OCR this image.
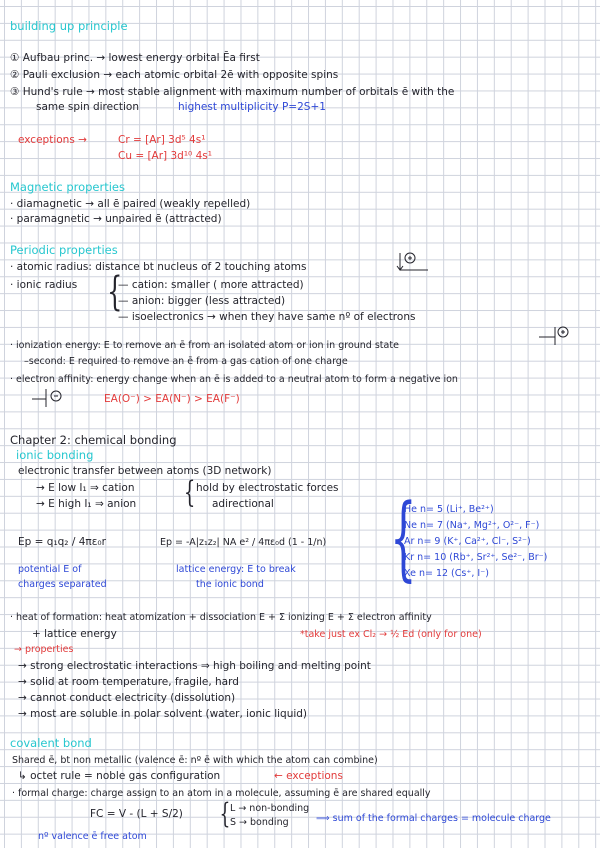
building up principle
① Aufbau princ. → lowest energy orbital Ēa first
② Pauli exclusion → each atomic orbital 2ē with opposite spins
③ Hund's rule → most stable alignment with maximum number of orbitals ē with the
same spin direction	highest multiplicity P=2S+1
exceptions →	Cr = [Ar] 3d⁵ 4s¹
Cu = [Ar] 3d¹⁰ 4s¹
Magnetic properties
· diamagnetic → all ē paired (weakly repelled)
· paramagnetic → unpaired ē (attracted)
Periodic properties
· atomic radius: distance bt nucleus of 2 touching atoms
· ionic radius {
— cation: smaller ( more attracted)
— anion: bigger (less attracted)
— isoelectronics → when they have same nº of electrons
· ionization energy: E to remove an ē from an isolated atom or ion in ground state
–second: E required to remove an ē from a gas cation of one charge
· electron affinity: energy change when an ē is added to a neutral atom to form a negative ion
EA(O⁻) > EA(N⁻) > EA(F⁻)
Chapter 2: chemical bonding
ionic bonding
electronic transfer between atoms (3D network)
→ E low I₁ ⇒ cation
→ E high I₁ ⇒ anion { hold by electrostatic forces
adirectional
Ep = q₁q₂ / 4πε₀r
potential E of
charges separated
Ep = -A|z₁z₂| NA e² / 4πε₀d (1 - 1/n)
lattice energy: E to break
the ionic bond {
He n= 5 (Li⁺, Be²⁺)
Ne n= 7 (Na⁺, Mg²⁺, O²⁻, F⁻)
Ar n= 9 (K⁺, Ca²⁺, Cl⁻, S²⁻)
Kr n= 10 (Rb⁺, Sr²⁺, Se²⁻, Br⁻)
Xe n= 12 (Cs⁺, I⁻)
· heat of formation: heat atomization + dissociation E + Σ ionizing E + Σ electron affinity
+ lattice energy	*take just ex Cl₂ → ½ Ed (only for one)
→ properties
→ strong electrostatic interactions ⇒ high boiling and melting point
→ solid at room temperature, fragile, hard
→ cannot conduct electricity (dissolution)
→ most are soluble in polar solvent (water, ionic liquid)
covalent bond
Shared ē, bt non metallic (valence ē: nº ē with which the atom can combine)
↳ octet rule = noble gas configuration	← exceptions
· formal charge: charge assign to an atom in a molecule, assuming ē are shared equally
FC = V - (L + S/2) { L → non-bonding
S → bonding	⟹ sum of the formal charges = molecule charge
nº valence ē free atom
